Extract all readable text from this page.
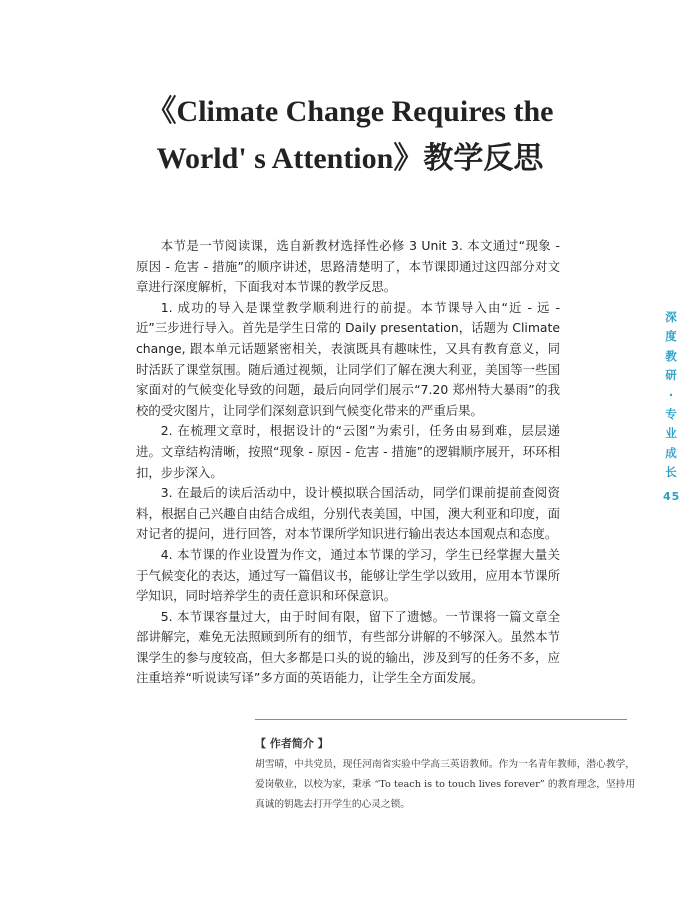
《Climate Change Requires the
World' s Attention》教学反思

本节是一节阅读课，选自新教材选择性必修 3 Unit 3. 本文通过“现象 - 原因 - 危害 - 措施”的顺序讲述，思路清楚明了，本节课即通过这四部分对文章进行深度解析，下面我对本节课的教学反思。

1. 成功的导入是课堂教学顺利进行的前提。本节课导入由“近 - 远 - 近”三步进行导入。首先是学生日常的 Daily presentation，话题为 Climate change, 跟本单元话题紧密相关，表演既具有趣味性，又具有教育意义，同时活跃了课堂氛围。随后通过视频，让同学们了解在澳大利亚，美国等一些国家面对的气候变化导致的问题，最后向同学们展示“7.20 郑州特大暴雨”的我校的受灾图片，让同学们深刻意识到气候变化带来的严重后果。

2. 在梳理文章时，根据设计的“云图”为索引，任务由易到难，层层递进。文章结构清晰，按照“现象 - 原因 - 危害 - 措施”的逻辑顺序展开，环环相扣，步步深入。

3. 在最后的读后活动中，设计模拟联合国活动，同学们课前提前查阅资料，根据自己兴趣自由结合成组，分别代表美国，中国，澳大利亚和印度，面对记者的提问，进行回答，对本节课所学知识进行输出表达本国观点和态度。

4. 本节课的作业设置为作文，通过本节课的学习，学生已经掌握大量关于气候变化的表达，通过写一篇倡议书，能够让学生学以致用，应用本节课所学知识，同时培养学生的责任意识和环保意识。

5. 本节课容量过大，由于时间有限，留下了遗憾。一节课将一篇文章全部讲解完，难免无法照顾到所有的细节，有些部分讲解的不够深入。虽然本节课学生的参与度较高，但大多都是口头的说的输出，涉及到写的任务不多，应注重培养“听说读写译”多方面的英语能力，让学生全方面发展。

深
度
教
研
·
专
业
成
长
45
【 作者简介 】
胡雪晴，中共党员，现任河南省实验中学高三英语教师。作为一名青年教师，潜心教学，爱岗敬业，以校为家，秉承 “To teach is to touch lives forever” 的教育理念，坚持用真诚的钥匙去打开学生的心灵之锁。
